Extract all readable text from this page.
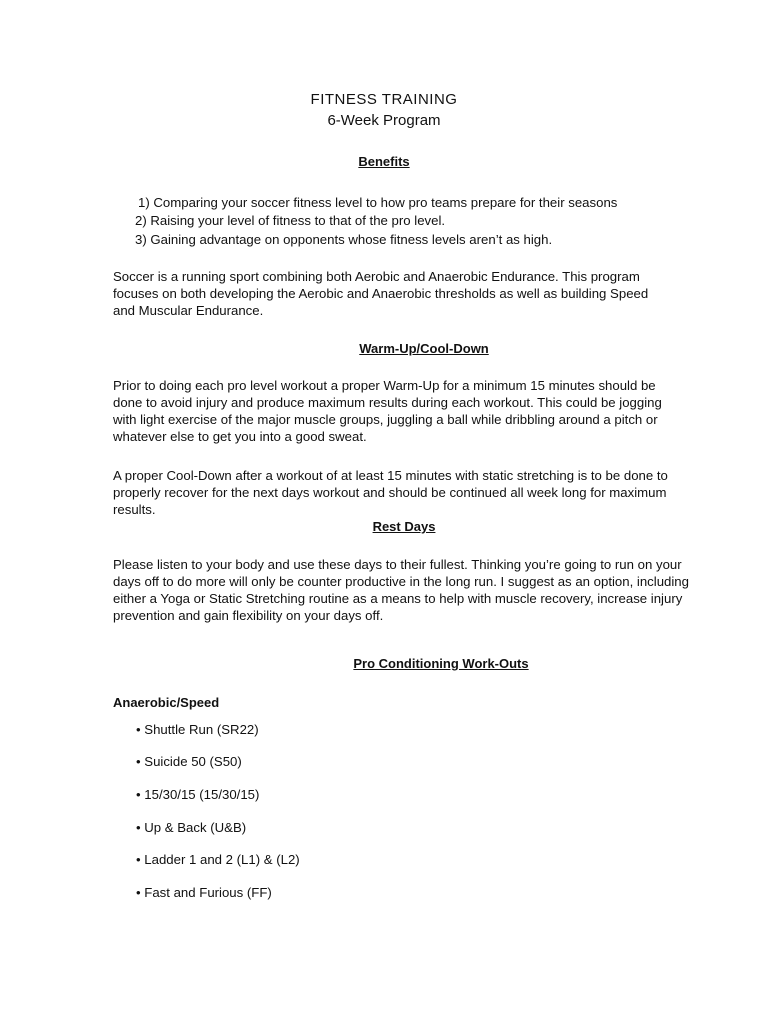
FITNESS TRAINING
6-Week Program
Benefits
1) Comparing your soccer fitness level to how pro teams prepare for their seasons
2) Raising your level of fitness to that of the pro level.
3) Gaining advantage on opponents whose fitness levels aren’t as high.
Soccer is a running sport combining both Aerobic and Anaerobic Endurance. This program
focuses on both developing the Aerobic and Anaerobic thresholds as well as building Speed
and Muscular Endurance.
Warm-Up/Cool-Down
Prior to doing each pro level workout a proper Warm-Up for a minimum 15 minutes should be
done to avoid injury and produce maximum results during each workout. This could be jogging
with light exercise of the major muscle groups, juggling a ball while dribbling around a pitch or
whatever else to get you into a good sweat.
A proper Cool-Down after a workout of at least 15 minutes with static stretching is to be done to
properly recover for the next days workout and should be continued all week long for maximum
results.
Rest Days
Please listen to your body and use these days to their fullest. Thinking you’re going to run on your
days off to do more will only be counter productive in the long run. I suggest as an option, including
either a Yoga or Static Stretching routine as a means to help with muscle recovery, increase injury
prevention and gain flexibility on your days off.
Pro Conditioning Work-Outs
Anaerobic/Speed
• Shuttle Run (SR22)
• Suicide 50 (S50)
• 15/30/15 (15/30/15)
• Up & Back (U&B)
• Ladder 1 and 2 (L1) & (L2)
• Fast and Furious (FF)
